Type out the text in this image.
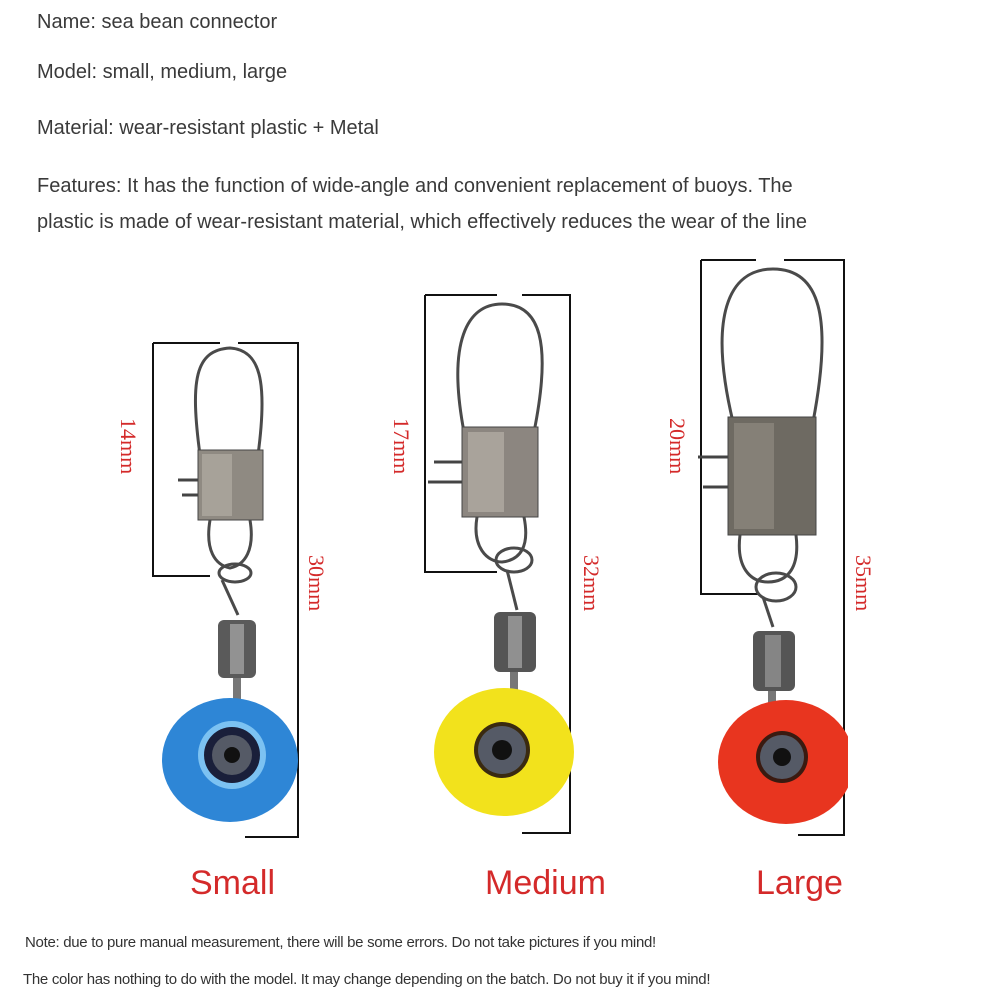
Name: sea bean connector
Model: small, medium, large
Material: wear-resistant plastic + Metal
Features: It has the function of wide-angle and convenient replacement of buoys. The
plastic is made of wear-resistant material, which effectively reduces the wear of the line
14mm
30mm
17mm
32mm
20mm
35mm
Small	Medium	Large
Note: due to pure manual measurement, there will be some errors. Do not take pictures if you mind!
The color has nothing to do with the model. It may change depending on the batch. Do not buy it if you mind!
